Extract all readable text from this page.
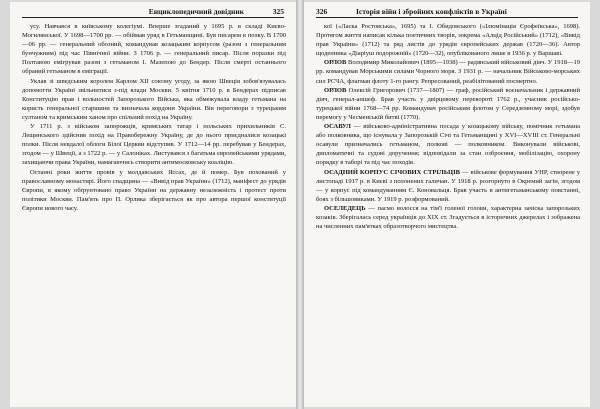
Енциклопедичний довідник	325

усу. Навчався в київському колегіумі. Вперше згаданий у 1695 р. в складі Києво-Могилянської. У 1698—1700 рр. — обіймав уряд в Гетьманщині. Був писарем в полку. В 1700—06 рр. — генеральний обозний, командував козацьким корпусом (разом з генеральним бунчужним) під час Північної війни. З 1706 р. — генеральний писар. Після поразки під Полтавою емігрував разом з гетьманом І. Мазепою до Бендер. Після смерті останнього обраний гетьманом в еміграції.

Уклав зі шведським королем Карлом XII союзну угоду, за якою Швеція зобов'язувалась допомогти Україні звільнитися з-під влади Москви. 5 квітня 1710 р. в Бендерах підписав Конституцію прав і вольностей Запорозького Війська, яка обмежувала владу гетьмана на користь генеральної старшини та визначала кордони України. Вів переговори з турецьким султаном та кримським ханом про спільний похід на Україну.

У 1711 р. з військом запорожців, кримських татар і польських прихильників С. Лещинського здійснив похід на Правобережну Україну, де до нього приєдналися козацькі полки. Після невдалої облоги Білої Церкви відступив. У 1712—14 рр. перебував у Бендерах, згодом — у Швеції, а з 1722 р. — у Салоніках. Листувався з багатьма європейськими урядами, захищаючи права України, намагаючись створити антимосковську коаліцію.

Останні роки життя провів у молдавських Яссах, де й помер. Був похований у православному монастирі. Його спадщина — «Вивід прав України» (1712), маніфест до урядів Європи, в якому обґрунтовано право України на державну незалежність і протест проти політики Москви. Пам'ять про П. Орлика зберігається як про автора першої конституції Європи нового часу.

326	Історія війн і збройних конфліктів в Україні

кої («Ласка Ростовська», 1695) та І. Обидовського («Ілюмінація Єрофеївська», 1698). Протягом життя написав кілька поетичних творів, зокрема «Алцід Російський» (1712), «Вивід прав України» (1712) та ряд листів до урядів європейських держав (1720—36). Автор щоденника «Діаріуш подорожній» (1720—32), опублікованого лише в 1936 р. у Варшаві.

ОРЛОВ Володимир Миколайович (1895—1938) — радянський військовий діяч. У 1918—19 рр. командував Морськими силами Чорного моря. З 1931 р. — начальник Військово-морських сил РСЧА, флагман флоту 1-го рангу. Репресований, реабілітований посмертно.

ОРЛОВ Олексій Григорович (1737—1807) — граф, російський воєначальник і державний діяч, генерал-аншеф. Брав участь у двірцевому перевороті 1762 р., учасник російсько-турецької війни 1768—74 рр. Командувач російським флотом у Середземному морі, здобув перемогу у Чесменській битві (1770).

ОСАВУЛ — військово-адміністративна посада у козацькому війську, помічник гетьмана або полковника, що існувала у Запорозькій Січі та Гетьманщині у XVI—XVIII ст. Генеральні осавули призначались гетьманом, полкові — полковником. Виконували військові, дипломатичні та судові доручення; відповідали за стан озброєння, мобілізацію, охорону порядку в таборі та під час походів.

ОСАДНИЙ КОРПУС СІЧОВИХ СТРІЛЬЦІВ — військове формування УНР, створене у листопаді 1917 р. в Києві з полонених галичан. У 1918 р. розгорнуто в Окремий загін, згодом — у корпус під командуванням Є. Коновальця. Брав участь в антигетьманському повстанні, боях з більшовиками. У 1919 р. розформований.

ОСЕЛЕДЕЦЬ — пасмо волосся на тім'ї голеної голови, характерна зачіска запорозьких козаків. Зберігалась серед українців до XIX ст. Згадується в історичних джерелах і зображена на численних пам'ятках образотворчого мистецтва.
